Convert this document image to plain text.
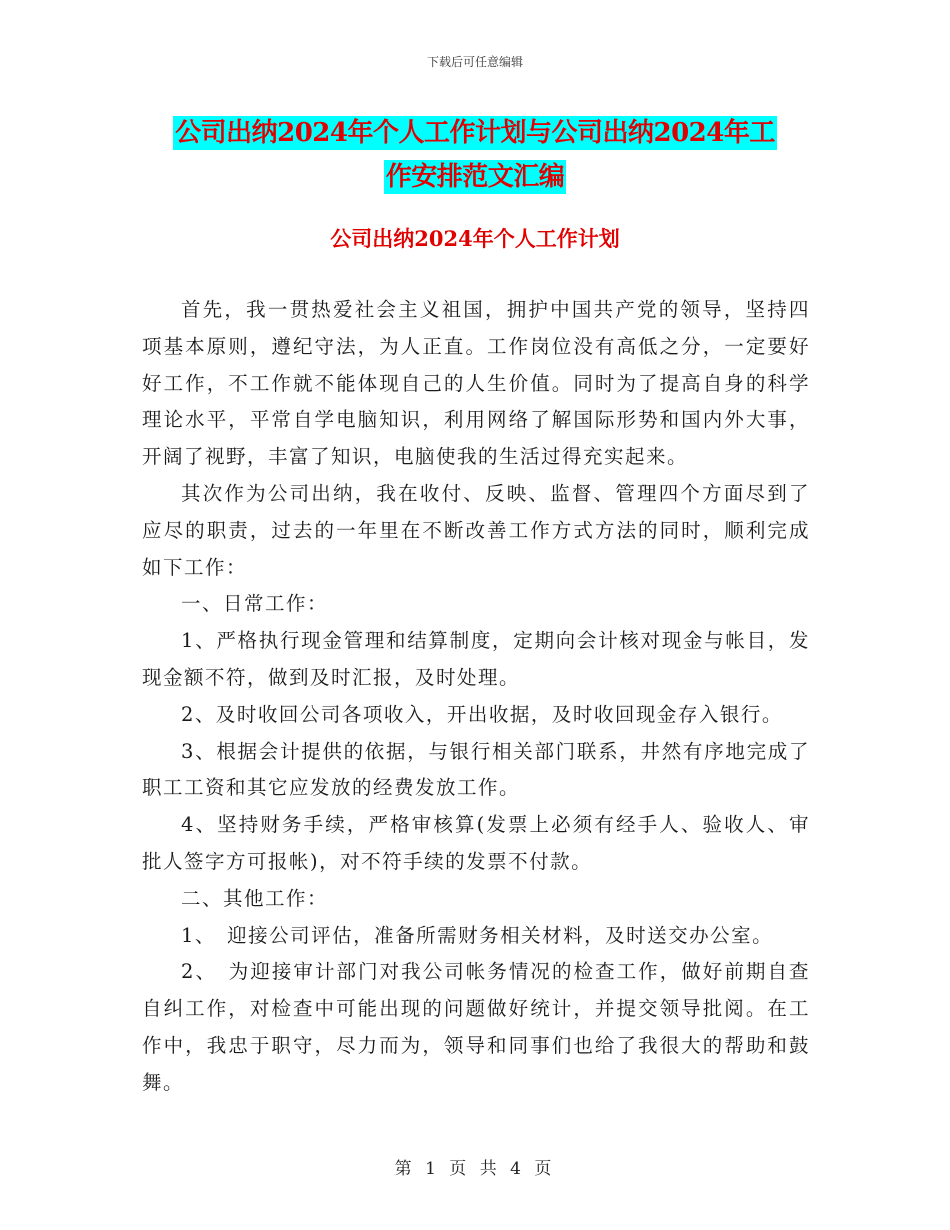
下载后可任意编辑
公司出纳2024年个人工作计划与公司出纳2024年工
作安排范文汇编
公司出纳2024年个人工作计划

首先，我一贯热爱社会主义祖国，拥护中国共产党的领导，坚持四项基本原则，遵纪守法，为人正直。工作岗位没有高低之分，一定要好好工作，不工作就不能体现自己的人生价值。同时为了提高自身的科学理论水平，平常自学电脑知识，利用网络了解国际形势和国内外大事，开阔了视野，丰富了知识，电脑使我的生活过得充实起来。

其次作为公司出纳，我在收付、反映、监督、管理四个方面尽到了应尽的职责，过去的一年里在不断改善工作方式方法的同时，顺利完成如下工作：

一、日常工作：

1、严格执行现金管理和结算制度，定期向会计核对现金与帐目，发现金额不符，做到及时汇报，及时处理。

2、及时收回公司各项收入，开出收据，及时收回现金存入银行。

3、根据会计提供的依据，与银行相关部门联系，井然有序地完成了职工工资和其它应发放的经费发放工作。

4、坚持财务手续，严格审核算(发票上必须有经手人、验收人、审批人签字方可报帐)，对不符手续的发票不付款。

二、其他工作：

1、　迎接公司评估，准备所需财务相关材料，及时送交办公室。

2、　为迎接审计部门对我公司帐务情况的检查工作，做好前期自查自纠工作，对检查中可能出现的问题做好统计，并提交领导批阅。在工作中，我忠于职守，尽力而为，领导和同事们也给了我很大的帮助和鼓舞。

第 1 页 共 4 页
